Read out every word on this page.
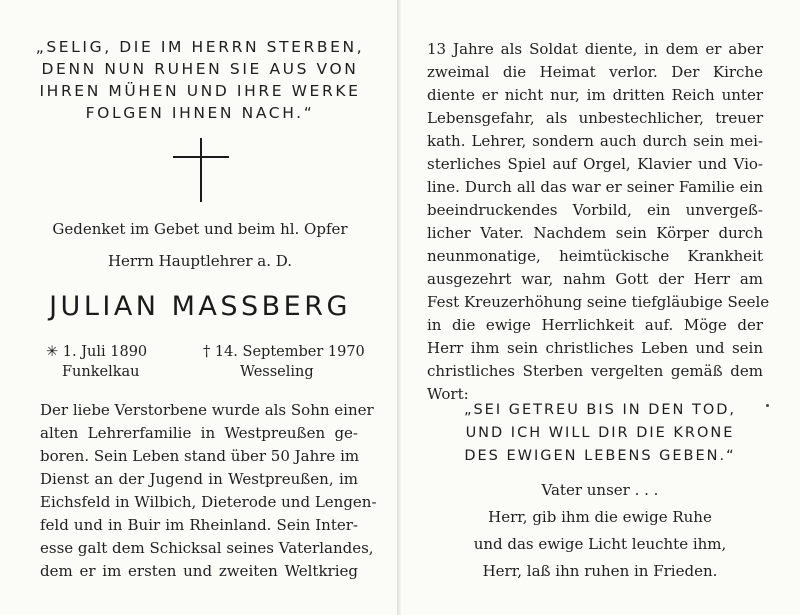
„SELIG, DIE IM HERRN STERBEN,
DENN NUN RUHEN SIE AUS VON
IHREN MÜHEN UND IHRE WERKE
FOLGEN IHNEN NACH.“
Gedenket im Gebet und beim hl. Opfer
Herrn Hauptlehrer a. D.
JULIAN MASSBERG
✳ 1. Juli 1890
Funkelkau
† 14. September 1970
Wesseling
Der liebe Verstorbene wurde als Sohn einer
alten Lehrerfamilie in Westpreußen ge-
boren. Sein Leben stand über 50 Jahre im
Dienst an der Jugend in Westpreußen, im
Eichsfeld in Wilbich, Dieterode und Lengen-
feld und in Buir im Rheinland. Sein Inter-
esse galt dem Schicksal seines Vaterlandes,
dem er im ersten und zweiten Weltkrieg
13 Jahre als Soldat diente, in dem er aber
zweimal die Heimat verlor. Der Kirche
diente er nicht nur, im dritten Reich unter
Lebensgefahr, als unbestechlicher, treuer
kath. Lehrer, sondern auch durch sein mei-
sterliches Spiel auf Orgel, Klavier und Vio-
line. Durch all das war er seiner Familie ein
beeindruckendes Vorbild, ein unvergeß-
licher Vater. Nachdem sein Körper durch
neunmonatige, heimtückische Krankheit
ausgezehrt war, nahm Gott der Herr am
Fest Kreuzerhöhung seine tiefgläubige Seele
in die ewige Herrlichkeit auf. Möge der
Herr ihm sein christliches Leben und sein
christliches Sterben vergelten gemäß dem
Wort:
„SEI GETREU BIS IN DEN TOD,
UND ICH WILL DIR DIE KRONE
DES EWIGEN LEBENS GEBEN.“
Vater unser . . .
Herr, gib ihm die ewige Ruhe
und das ewige Licht leuchte ihm,
Herr, laß ihn ruhen in Frieden.
